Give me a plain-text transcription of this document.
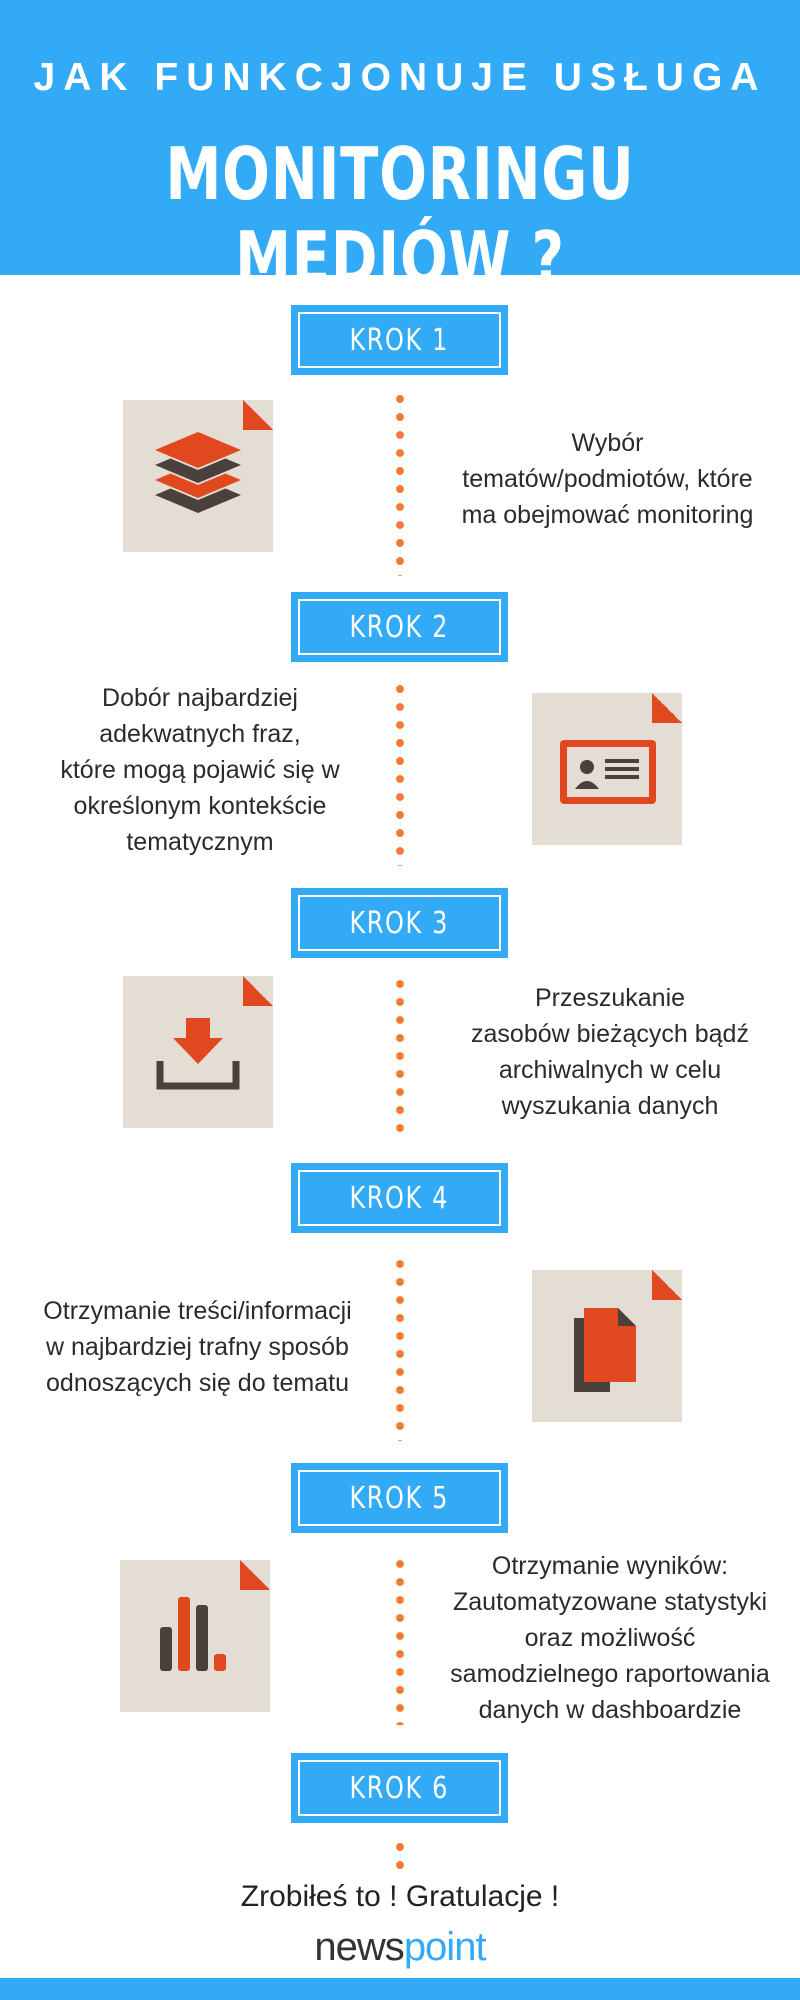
JAK FUNKCJONUJE USŁUGA
MONITORINGU MEDIÓW ?
KROK 1
Wybór
tematów/podmiotów, które
ma obejmować monitoring
KROK 2
Dobór najbardziej
adekwatnych fraz,
które mogą pojawić się w
określonym kontekście
tematycznym
KROK 3
Przeszukanie
zasobów bieżących bądź
archiwalnych w celu
wyszukania danych
KROK 4
Otrzymanie treści/informacji
w najbardziej trafny sposób
odnoszących się do tematu
KROK 5
Otrzymanie wyników:
Zautomatyzowane statystyki
oraz możliwość
samodzielnego raportowania
danych w dashboardzie
KROK 6
Zrobiłeś to ! Gratulacje !
newspoint
